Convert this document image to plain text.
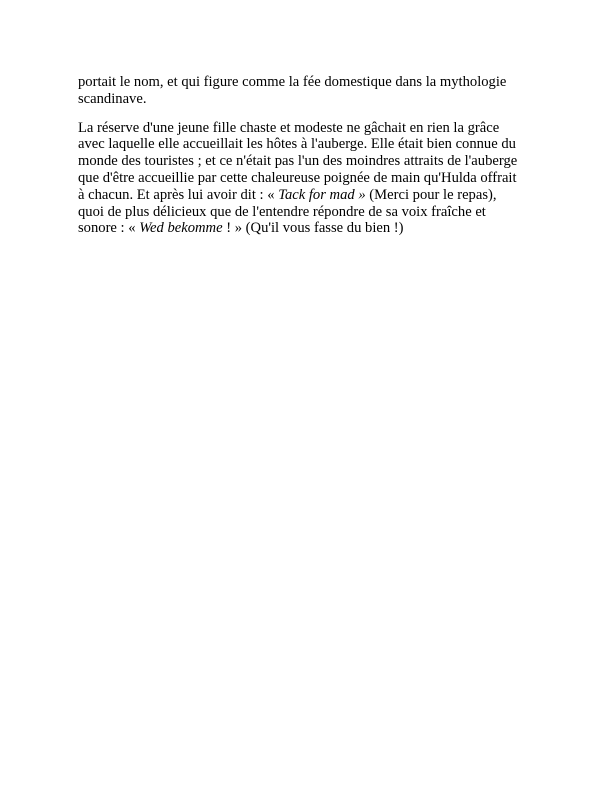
portait le nom, et qui figure comme la fée domestique dans la mythologie
scandinave.

La réserve d'une jeune fille chaste et modeste ne gâchait en rien la grâce
avec laquelle elle accueillait les hôtes à l'auberge. Elle était bien connue du
monde des touristes ; et ce n'était pas l'un des moindres attraits de l'auberge
que d'être accueillie par cette chaleureuse poignée de main qu'Hulda offrait
à chacun. Et après lui avoir dit : « Tack for mad » (Merci pour le repas),
quoi de plus délicieux que de l'entendre répondre de sa voix fraîche et
sonore : « Wed bekomme ! » (Qu'il vous fasse du bien !)
